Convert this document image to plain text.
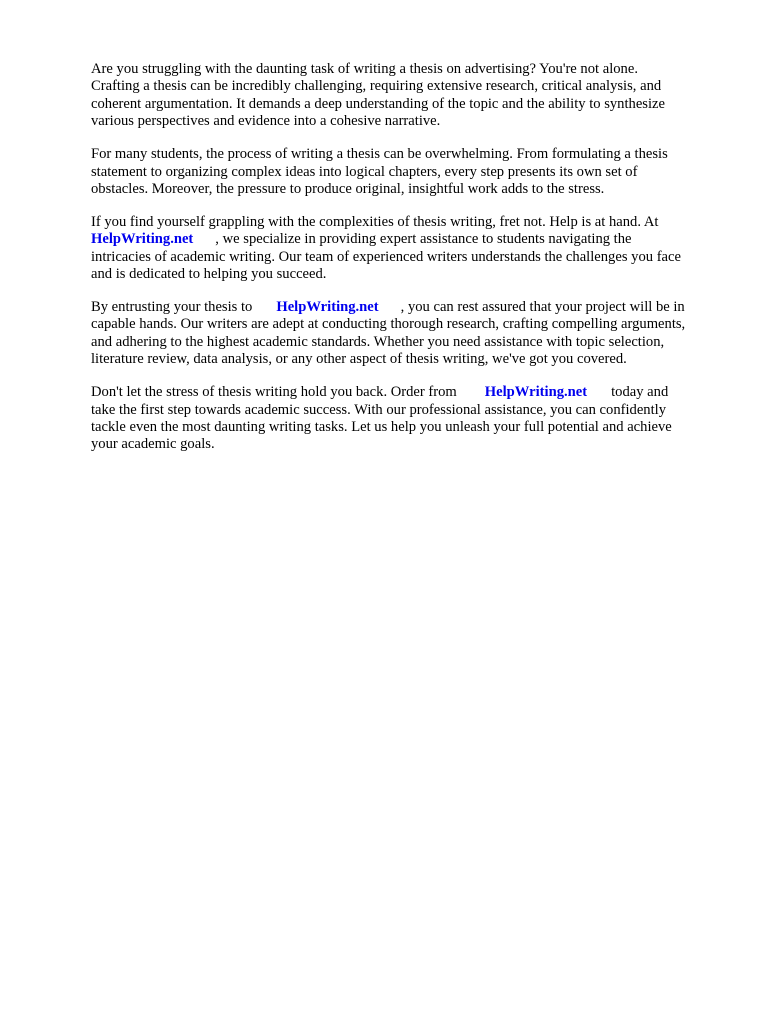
Are you struggling with the daunting task of writing a thesis on advertising? You're not alone.
Crafting a thesis can be incredibly challenging, requiring extensive research, critical analysis, and
coherent argumentation. It demands a deep understanding of the topic and the ability to synthesize
various perspectives and evidence into a cohesive narrative.

For many students, the process of writing a thesis can be overwhelming. From formulating a thesis
statement to organizing complex ideas into logical chapters, every step presents its own set of
obstacles. Moreover, the pressure to produce original, insightful work adds to the stress.

If you find yourself grappling with the complexities of thesis writing, fret not. Help is at hand. At
HelpWriting.net , we specialize in providing expert assistance to students navigating the
intricacies of academic writing. Our team of experienced writers understands the challenges you face
and is dedicated to helping you succeed.

By entrusting your thesis to HelpWriting.net , you can rest assured that your project will be in
capable hands. Our writers are adept at conducting thorough research, crafting compelling arguments,
and adhering to the highest academic standards. Whether you need assistance with topic selection,
literature review, data analysis, or any other aspect of thesis writing, we've got you covered.

Don't let the stress of thesis writing hold you back. Order from HelpWriting.net today and
take the first step towards academic success. With our professional assistance, you can confidently
tackle even the most daunting writing tasks. Let us help you unleash your full potential and achieve
your academic goals.
